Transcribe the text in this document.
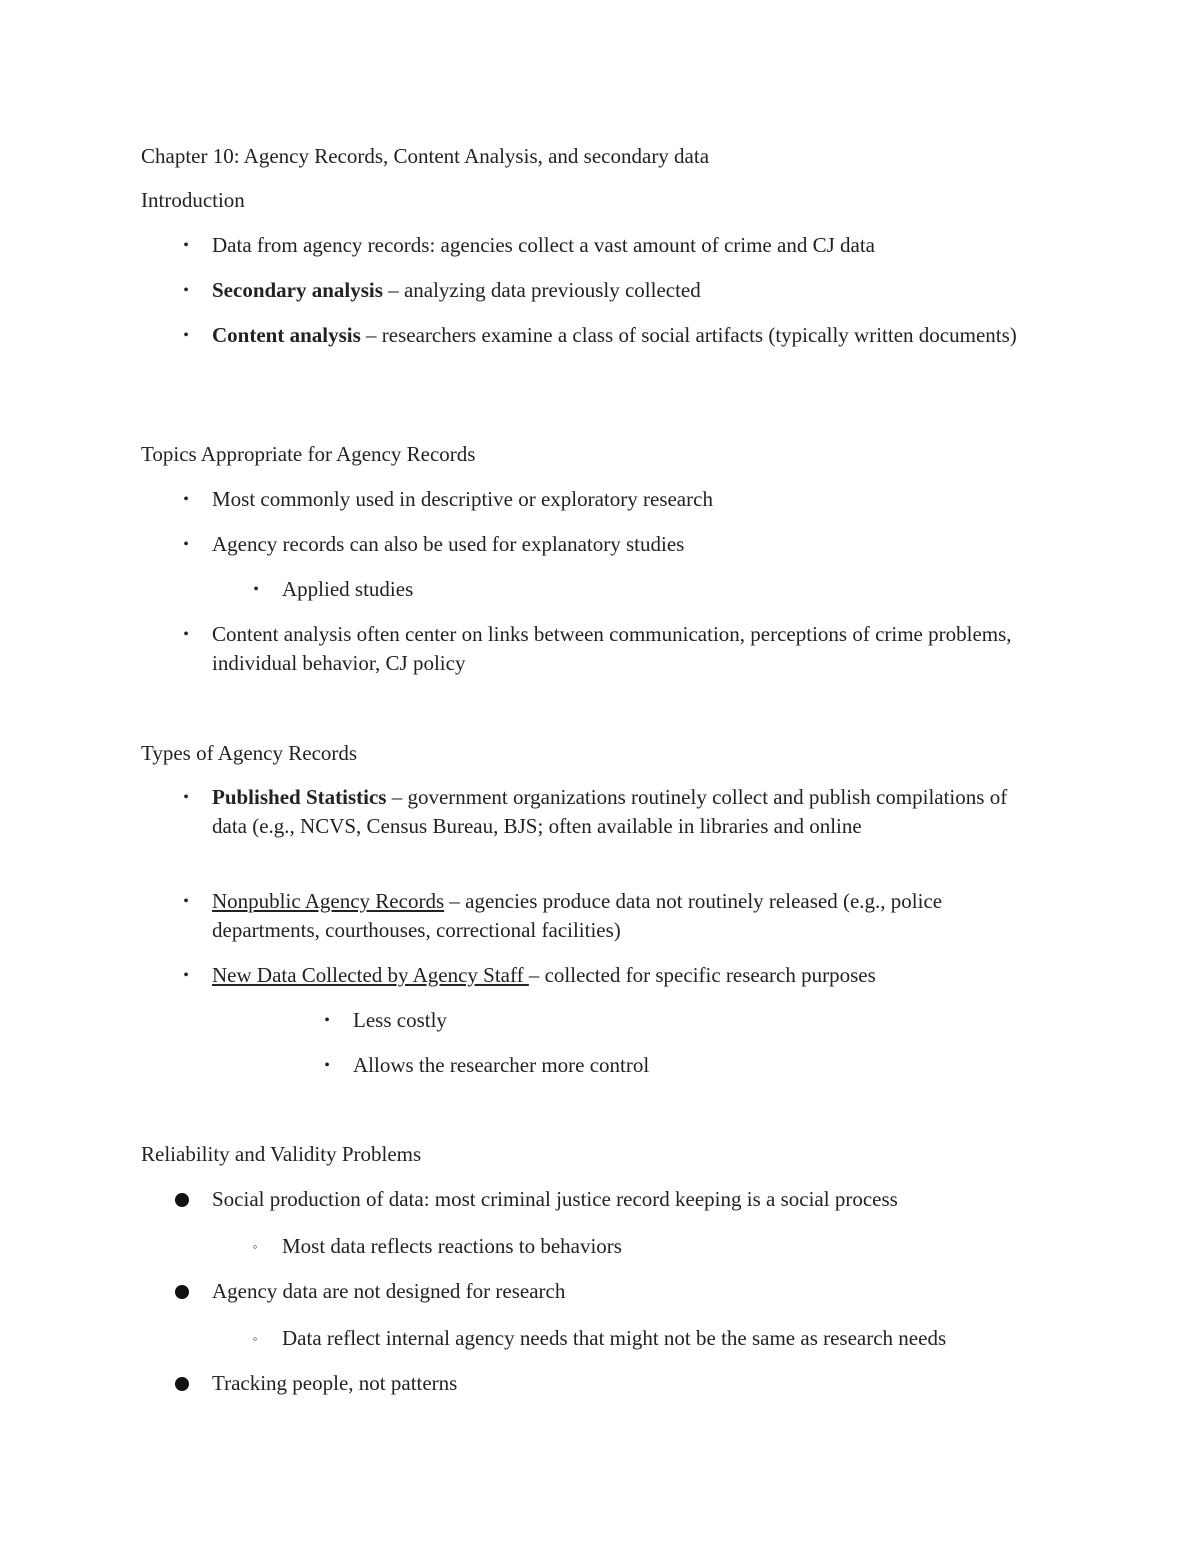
Chapter 10: Agency Records, Content Analysis, and secondary data
Introduction
•	Data from agency records: agencies collect a vast amount of crime and CJ data
•	Secondary analysis – analyzing data previously collected
•	Content analysis – researchers examine a class of social artifacts (typically written documents)
Topics Appropriate for Agency Records
•	Most commonly used in descriptive or exploratory research
•	Agency records can also be used for explanatory studies
•	Applied studies
•	Content analysis often center on links between communication, perceptions of crime problems, individual behavior, CJ policy
Types of Agency Records
•	Published Statistics – government organizations routinely collect and publish compilations of data (e.g., NCVS, Census Bureau, BJS; often available in libraries and online
•	Nonpublic Agency Records – agencies produce data not routinely released (e.g., police departments, courthouses, correctional facilities)
•	New Data Collected by Agency Staff – collected for specific research purposes
•	Less costly
•	Allows the researcher more control
Reliability and Validity Problems
Social production of data: most criminal justice record keeping is a social process
◦	Most data reflects reactions to behaviors
Agency data are not designed for research
◦	Data reflect internal agency needs that might not be the same as research needs
Tracking people, not patterns
